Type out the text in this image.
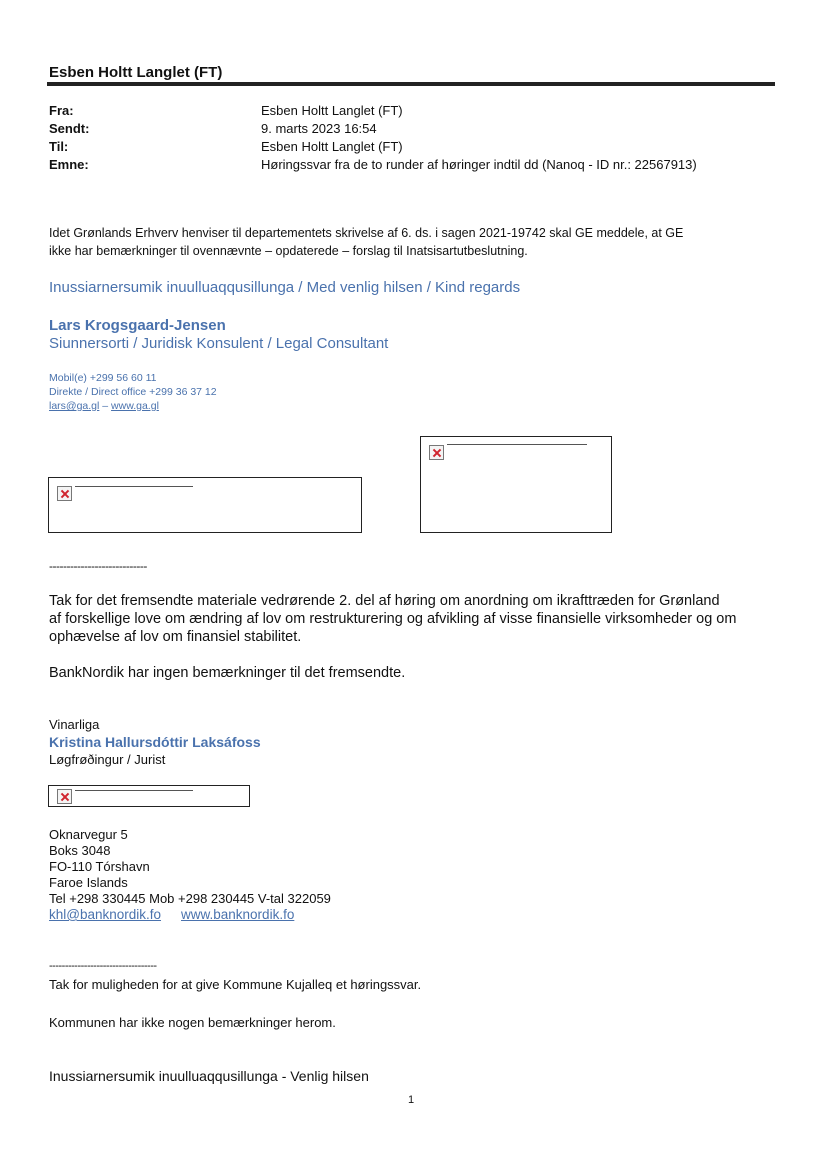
Esben Holtt Langlet (FT)
Fra:	Esben Holtt Langlet (FT)
Sendt:	9. marts 2023 16:54
Til:	Esben Holtt Langlet (FT)
Emne:	Høringssvar fra de to runder af høringer indtil dd (Nanoq - ID nr.: 22567913)
Idet Grønlands Erhverv henviser til departementets skrivelse af 6. ds. i sagen 2021-19742 skal GE meddele, at GE
ikke har bemærkninger til ovennævnte – opdaterede – forslag til Inatsisartutbeslutning.
Inussiarnersumik inuulluaqqusillunga / Med venlig hilsen / Kind regards
Lars Krogsgaard-Jensen
Siunnersorti / Juridisk Konsulent / Legal Consultant
Mobil(e) +299 56 60 11
Direkte / Direct office +299 36 37 12
lars@ga.gl – www.ga.gl
----------------------------
Tak for det fremsendte materiale vedrørende 2. del af høring om anordning om ikrafttræden for Grønland
af forskellige love om ændring af lov om restrukturering og afvikling af visse finansielle virksomheder og om
ophævelse af lov om finansiel stabilitet.
BankNordik har ingen bemærkninger til det fremsendte.
Vinarliga
Kristina Hallursdóttir Laksáfoss
Løgfrøðingur / Jurist
Oknarvegur 5
Boks 3048
FO-110 Tórshavn
Faroe Islands
Tel +298 330445 Mob +298 230445 V-tal 322059
khl@banknordik.fo www.banknordik.fo
----------------------------------
Tak for muligheden for at give Kommune Kujalleq et høringssvar.
Kommunen har ikke nogen bemærkninger herom.
Inussiarnersumik inuulluaqqusillunga - Venlig hilsen
1
